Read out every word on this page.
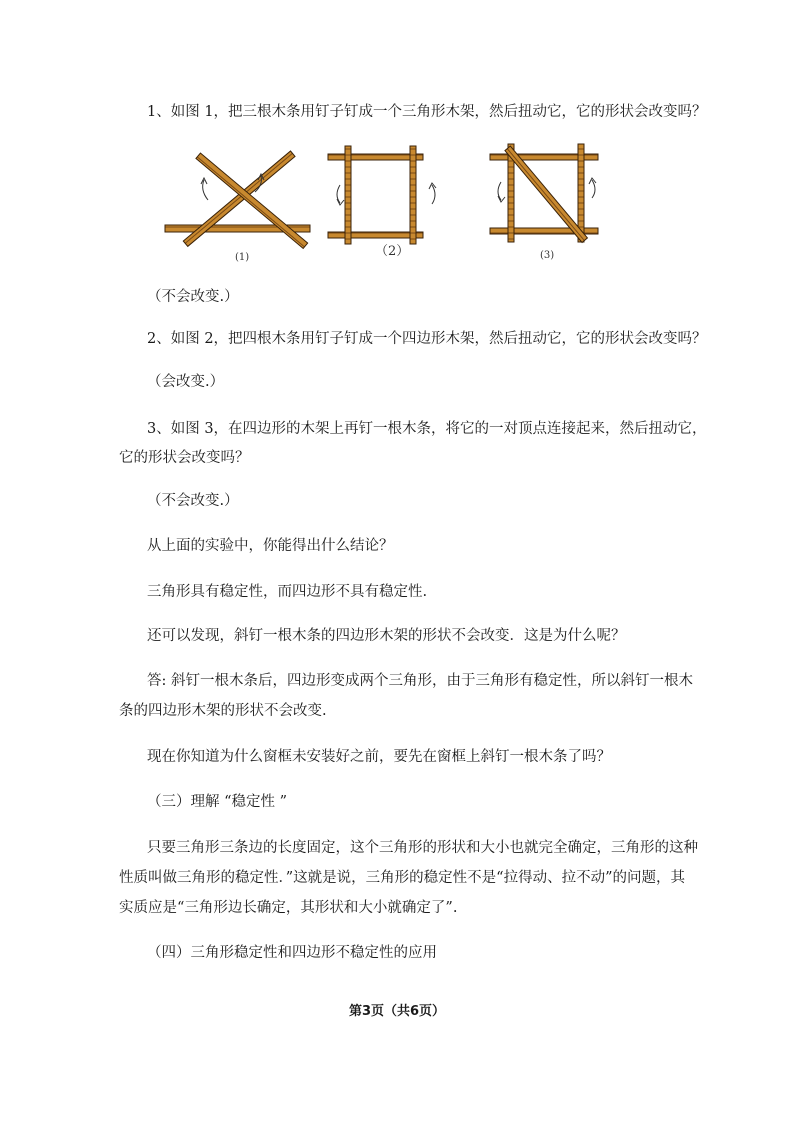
1、如图 1，把三根木条用钉子钉成一个三角形木架，然后扭动它，它的形状会改变吗？
(1)	（2）	(3)
（不会改变.）
2、如图 2，把四根木条用钉子钉成一个四边形木架，然后扭动它，它的形状会改变吗？
（会改变.）
3、如图 3，在四边形的木架上再钉一根木条，将它的一对顶点连接起来，然后扭动它，
它的形状会改变吗？
（不会改变.）
从上面的实验中，你能得出什么结论？
三角形具有稳定性，而四边形不具有稳定性.
还可以发现，斜钉一根木条的四边形木架的形状不会改变．这是为什么呢？
答: 斜钉一根木条后，四边形变成两个三角形，由于三角形有稳定性，所以斜钉一根木
条的四边形木架的形状不会改变.
现在你知道为什么窗框未安装好之前，要先在窗框上斜钉一根木条了吗？
（三）理解 “稳定性 ”
只要三角形三条边的长度固定，这个三角形的形状和大小也就完全确定，三角形的这种
性质叫做三角形的稳定性．”这就是说，三角形的稳定性不是“拉得动、拉不动”的问题，其
实质应是“三角形边长确定，其形状和大小就确定了”.
（四）三角形稳定性和四边形不稳定性的应用
第3页（共6页）
